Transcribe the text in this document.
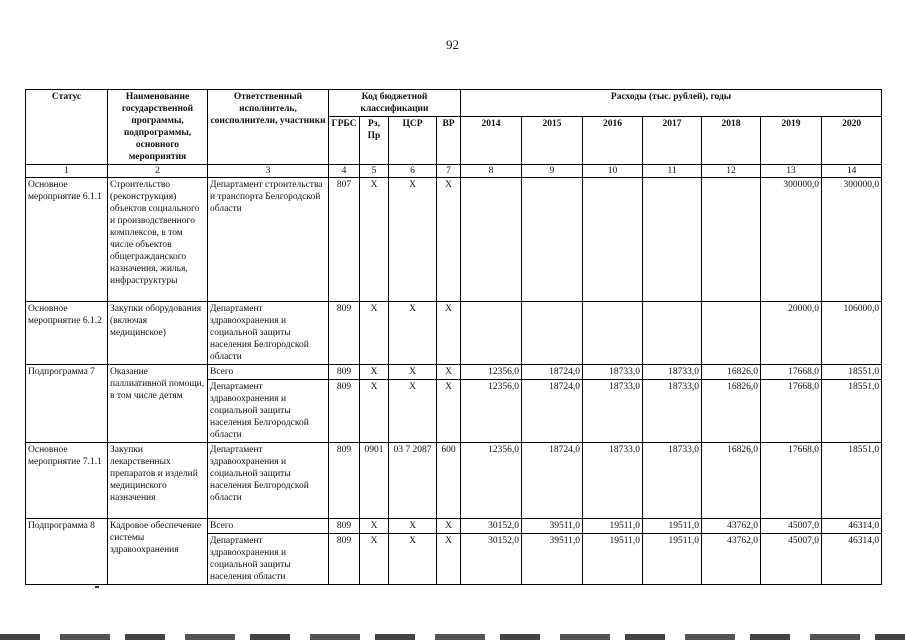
92
Статус	Наименование государственной программы, подпрограммы, основного мероприятия	Ответственный исполнитель, соисполнители, участники	Код бюджетной классификации				Расходы (тыс. рублей), годы						
			ГРБС	Рз, Пр	ЦСР	ВР	2014	2015	2016	2017	2018	2019	2020
1	2	3	4	5	6	7	8	9	10	11	12	13	14
Основное мероприятие 6.1.1	Строительство (реконструкция) объектов социального и производственного комплексов, в том числе объектов общегражданского назначения, жилья, инфраструктуры	Департамент строительства и транспорта Белгородской области	807	X	X	X						300000,0	300000,0
Основное мероприятие 6.1.2	Закупки оборудования (включая медицинское)	Департамент здравоохранения и социальной защиты населения Белгородской области	809	X	X	X						20000,0	106000,0
Подпрограмма 7	Оказание паллиативной помощи, в том числе детям	Всего	809	X	X	X	12356,0	18724,0	18733,0	18733,0	16826,0	17668,0	18551,0
		Департамент здравоохранения и социальной защиты населения Белгородской области	809	X	X	X	12356,0	18724,0	18733,0	18733,0	16826,0	17668,0	18551,0
Основное мероприятие 7.1.1	Закупки лекарственных препаратов и изделий медицинского назначения	Департамент здравоохранения и социальной защиты населения Белгородской области	809	0901	03 7 2087	600	12356,0	18724,0	18733,0	18733,0	16826,0	17668,0	18551,0
Подпрограмма 8	Кадровое обеспечение системы здравоохранения	Всего	809	X	X	X	30152,0	39511,0	19511,0	19511,0	43762,0	45007,0	46314,0
		Департамент здравоохранения и социальной защиты населения области	809	X	X	X	30152,0	39511,0	19511,0	19511,0	43762,0	45007,0	46314,0
